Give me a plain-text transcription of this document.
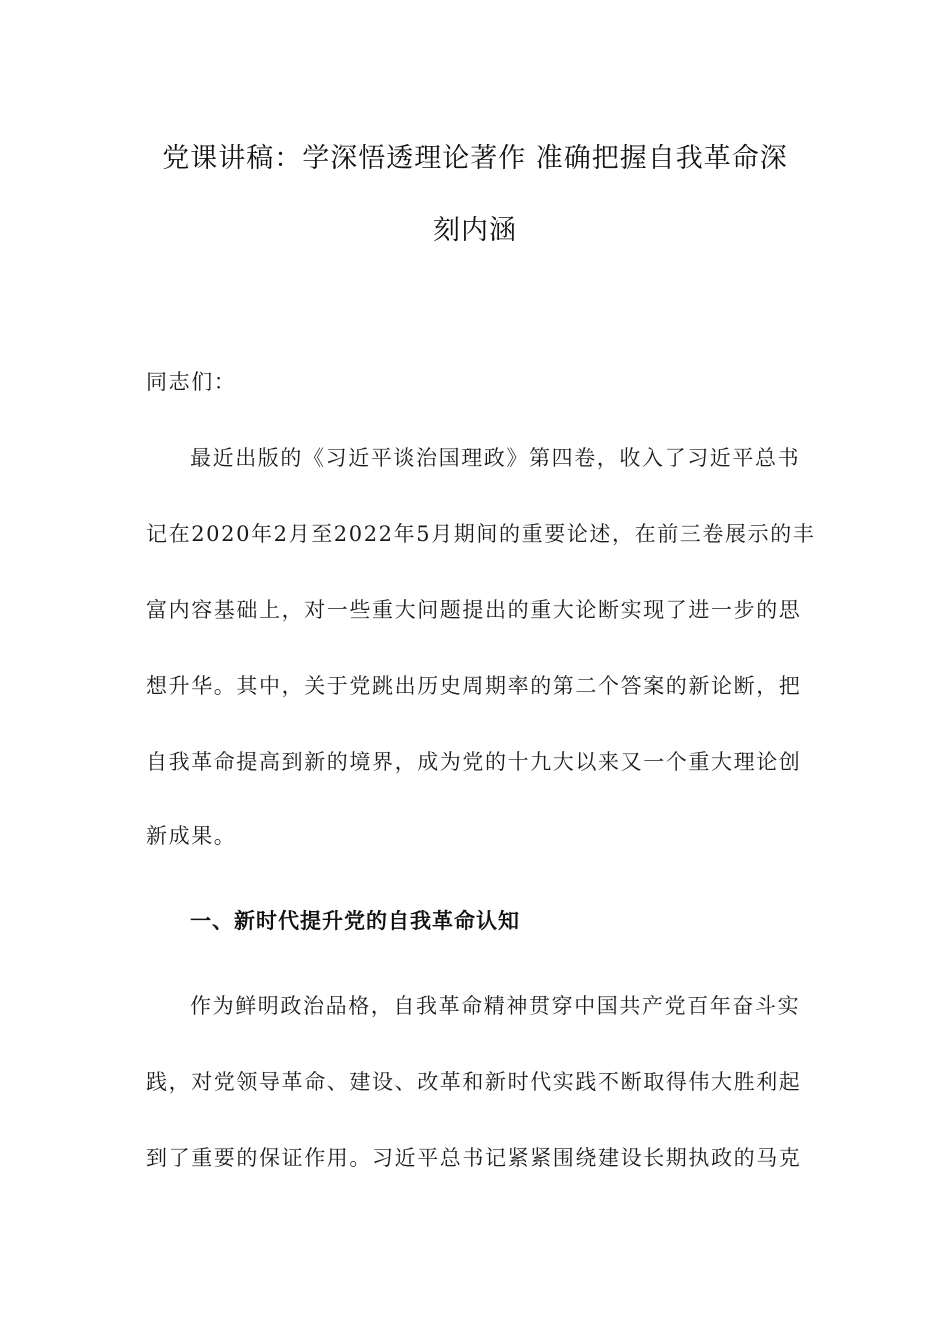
党课讲稿：学深悟透理论著作 准确把握自我革命深
刻内涵

同志们：

最近出版的《习近平谈治国理政》第四卷，收入了习近平总书

记在2020年2月至2022年5月期间的重要论述，在前三卷展示的丰

富内容基础上，对一些重大问题提出的重大论断实现了进一步的思

想升华。其中，关于党跳出历史周期率的第二个答案的新论断，把

自我革命提高到新的境界，成为党的十九大以来又一个重大理论创

新成果。

一、新时代提升党的自我革命认知

作为鲜明政治品格，自我革命精神贯穿中国共产党百年奋斗实

践，对党领导革命、建设、改革和新时代实践不断取得伟大胜利起

到了重要的保证作用。习近平总书记紧紧围绕建设长期执政的马克
